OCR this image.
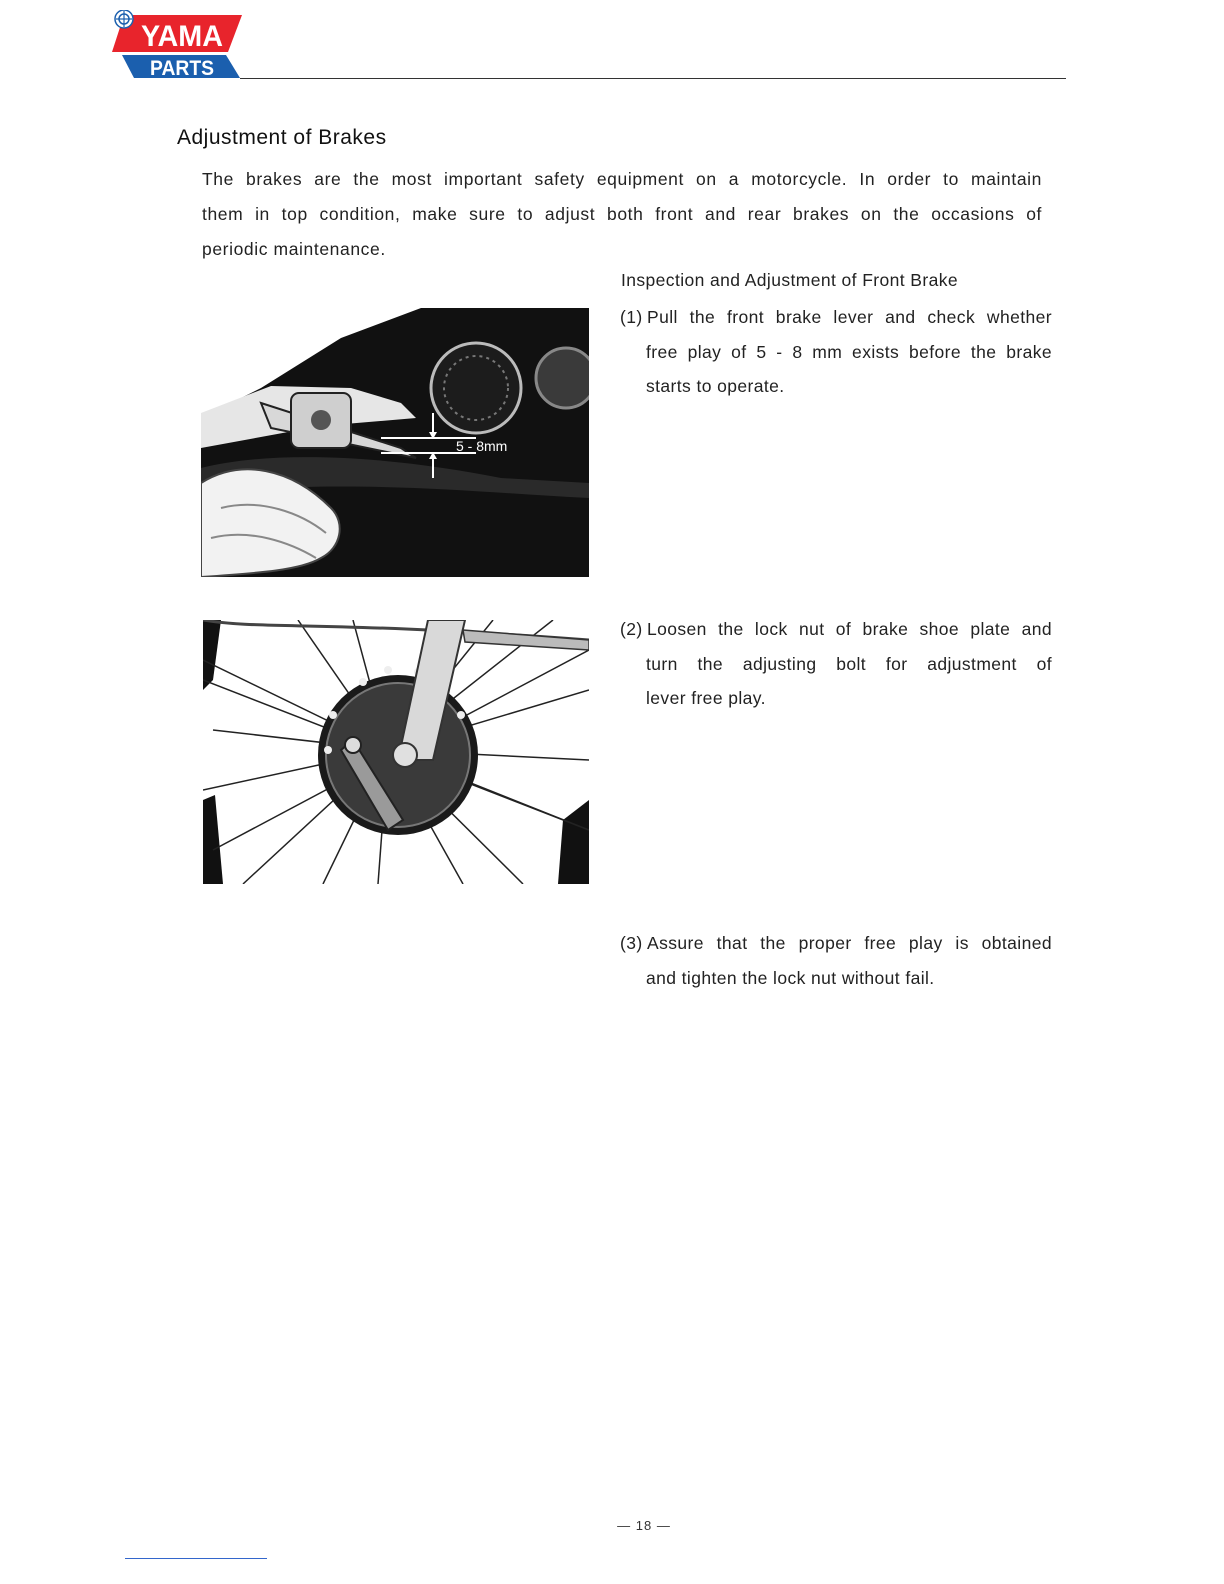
YAMA
PARTS
Adjustment of Brakes
The brakes are the most important safety equipment on a motorcycle. In order to maintain
them in top condition, make sure to adjust both front and rear brakes on the occasions of
periodic maintenance.
Inspection and Adjustment of Front Brake
(1) Pull the front brake lever and check whether
free play of 5 - 8 mm exists before the brake
starts to operate.
(2) Loosen the lock nut of brake shoe plate and
turn the adjusting bolt for adjustment of
lever free play.
(3) Assure that the proper free play is obtained
and tighten the lock nut without fail.
5 - 8mm
— 18 —
